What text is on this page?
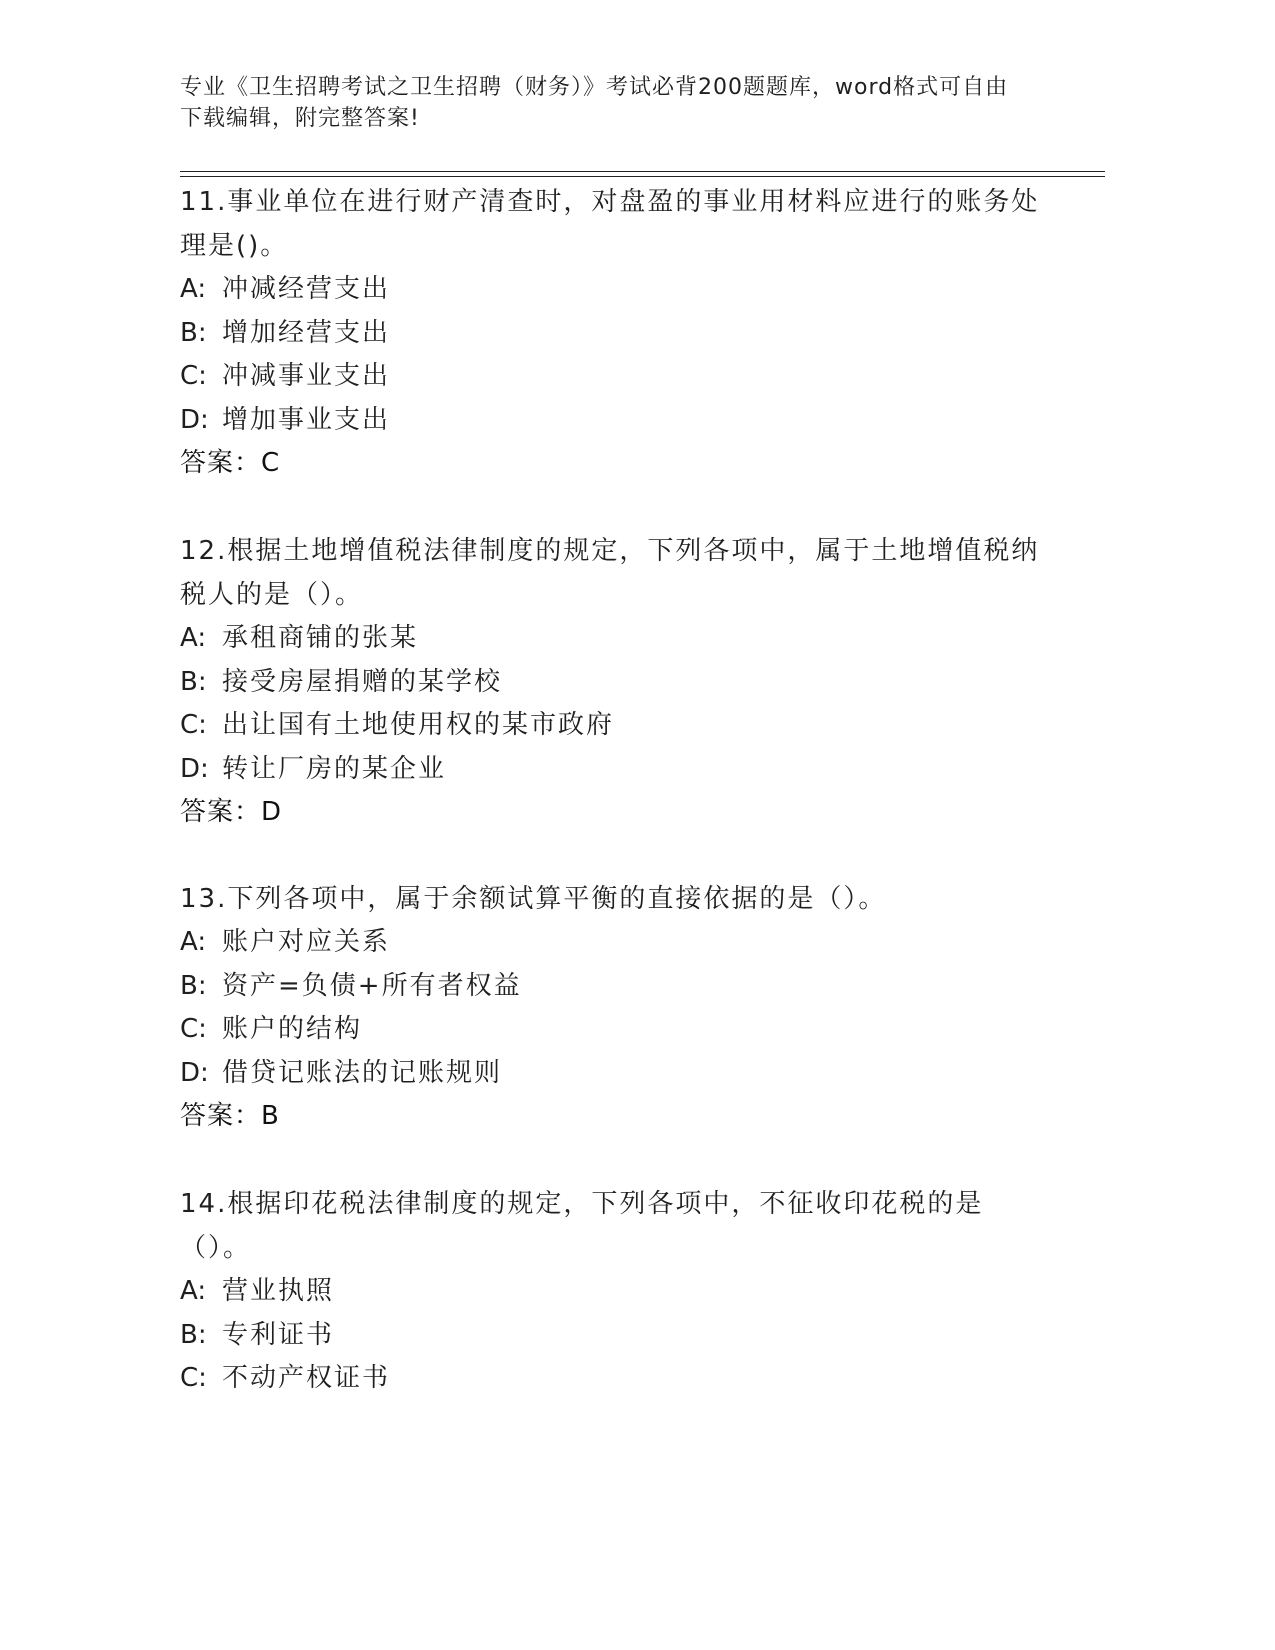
专业《卫生招聘考试之卫生招聘（财务）》考试必背200题题库，word格式可自由下载编辑，附完整答案!

11.事业单位在进行财产清查时，对盘盈的事业用材料应进行的账务处理是()。

A: 冲减经营支出
B: 增加经营支出
C: 冲减事业支出
D: 增加事业支出
答案：C

12.根据土地增值税法律制度的规定，下列各项中，属于土地增值税纳税人的是（）。

A: 承租商铺的张某
B: 接受房屋捐赠的某学校
C: 出让国有土地使用权的某市政府
D: 转让厂房的某企业
答案：D

13.下列各项中，属于余额试算平衡的直接依据的是（）。

A: 账户对应关系
B: 资产=负债+所有者权益
C: 账户的结构
D: 借贷记账法的记账规则
答案：B

14.根据印花税法律制度的规定，下列各项中，不征收印花税的是（）。

A: 营业执照
B: 专利证书
C: 不动产权证书
